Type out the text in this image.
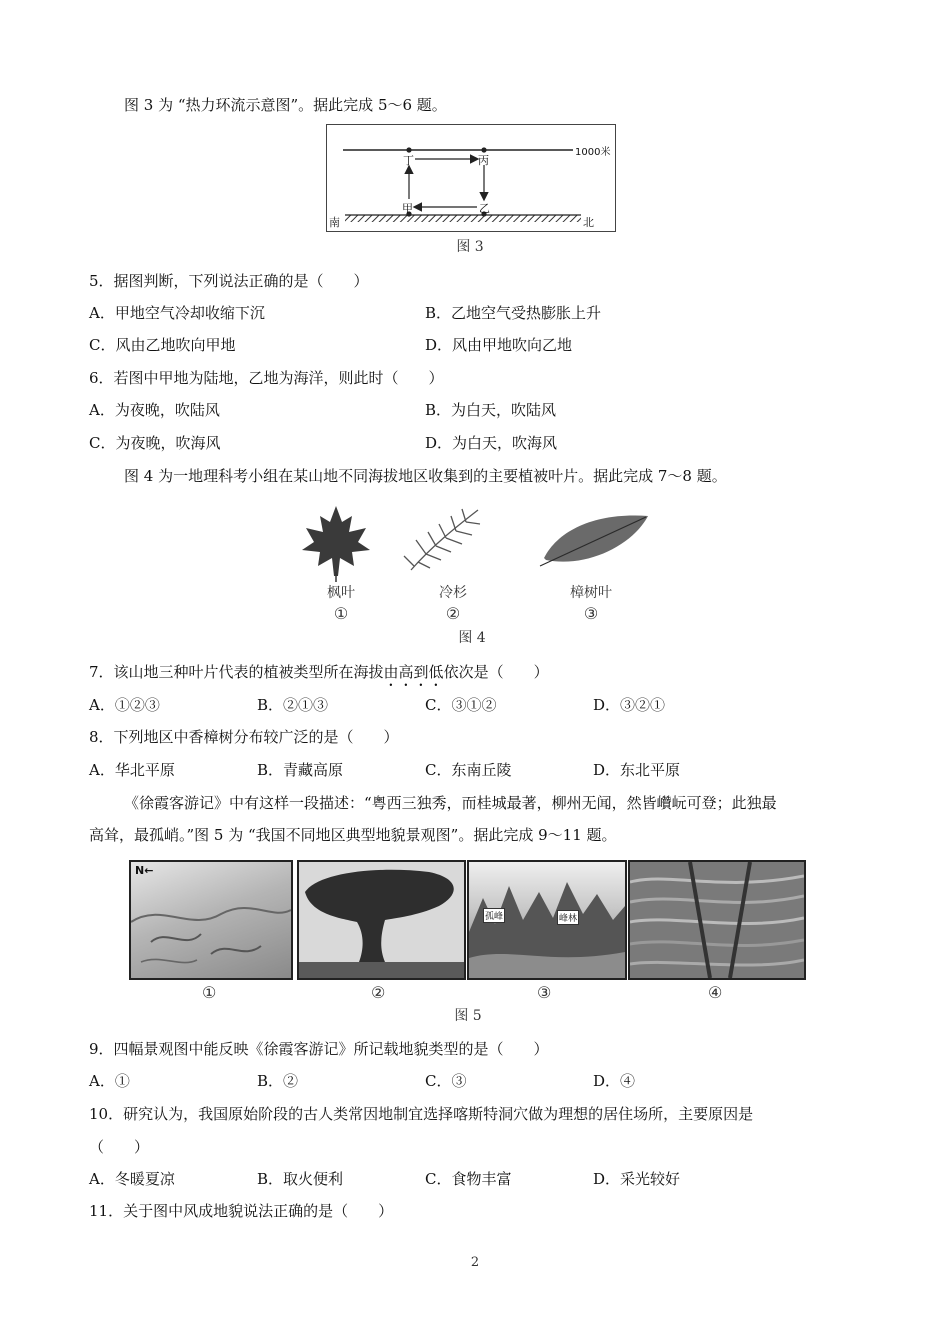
图 3 为 “热力环流示意图”。据此完成 5～6 题。
丁	丙
甲	乙
南	北
1000米
图 3
5．据图判断，下列说法正确的是（　　）
A．甲地空气冷却收缩下沉	B．乙地空气受热膨胀上升
C．风由乙地吹向甲地	D．风由甲地吹向乙地
6．若图中甲地为陆地，乙地为海洋，则此时（　　）
A．为夜晚，吹陆风	B．为白天，吹陆风
C．为夜晚，吹海风	D．为白天，吹海风
图 4 为一地理科考小组在某山地不同海拔地区收集到的主要植被叶片。据此完成 7～8 题。
枫叶	冷杉	樟树叶
①	②	③
图 4
7．该山地三种叶片代表的植被类型所在海拔由高到低依次是（　　）
A．①②③	B．②①③	C．③①②	D．③②①
8．下列地区中香樟树分布较广泛的是（　　）
A．华北平原	B．青藏高原	C．东南丘陵	D．东北平原
《徐霞客游记》中有这样一段描述：“粤西三独秀，而桂城最著，柳州无闻，然皆巑岏可登；此独最
高耸，最孤峭。”图 5 为 “我国不同地区典型地貌景观图”。据此完成 9～11 题。
N←
孤峰	峰林
①	②	③	④
图 5
9．四幅景观图中能反映《徐霞客游记》所记载地貌类型的是（　　）
A．①	B．②	C．③	D．④
10．研究认为，我国原始阶段的古人类常因地制宜选择喀斯特洞穴做为理想的居住场所，主要原因是
（　　）
A．冬暖夏凉	B．取火便利	C．食物丰富	D．采光较好
11．关于图中风成地貌说法正确的是（　　）
2
